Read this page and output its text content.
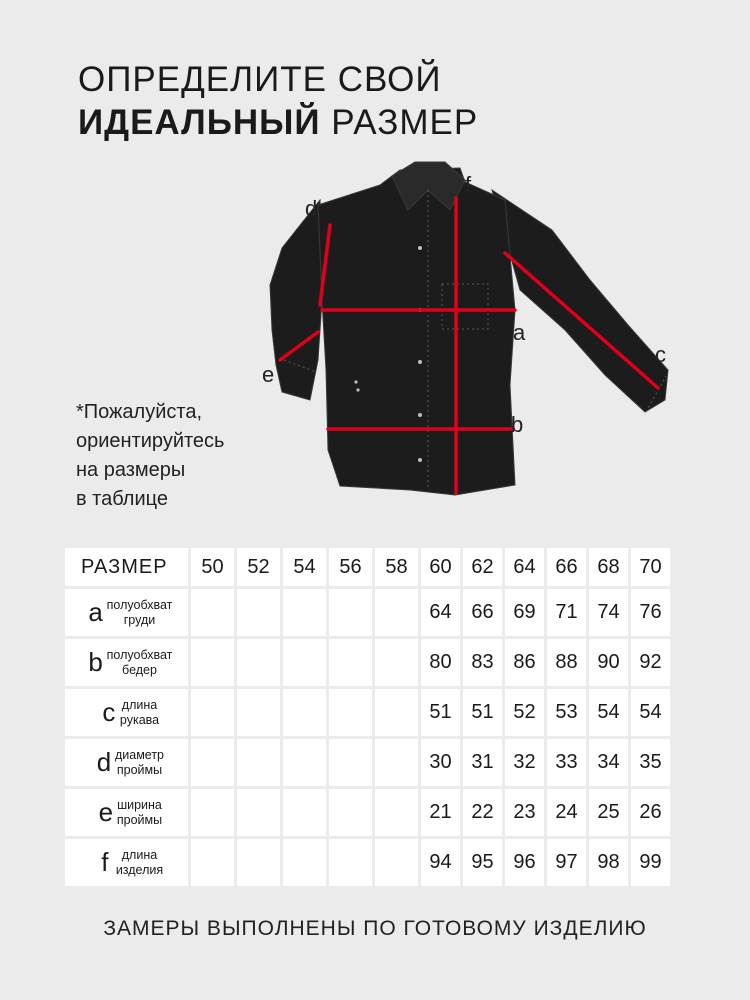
ОПРЕДЕЛИТЕ СВОЙ
ИДЕАЛЬНЫЙ РАЗМЕР
*Пожалуйста,
ориентируйтесь
на размеры
в таблице
a
b
c
d
e
f
РАЗМЕР	50	52	54	56	58	60	62	64	66	68	70
a полуобхват
груди						64	66	69	71	74	76
b полуобхват
бедер						80	83	86	88	90	92
c длина
рукава						51	51	52	53	54	54
d диаметр
проймы						30	31	32	33	34	35
e ширина
проймы						21	22	23	24	25	26
f длина
изделия						94	95	96	97	98	99
ЗАМЕРЫ ВЫПОЛНЕНЫ ПО ГОТОВОМУ ИЗДЕЛИЮ
